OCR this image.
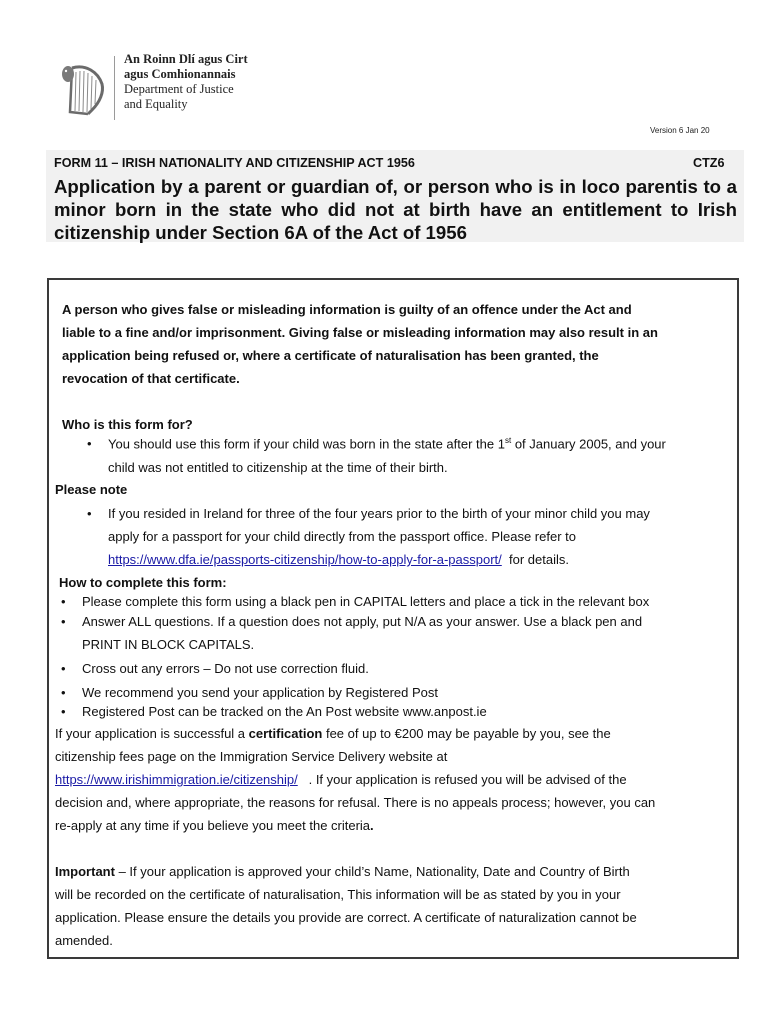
An Roinn Dlí agus Cirt
agus Comhionannais
Department of Justice
and Equality
Version 6 Jan 20
FORM 11 – IRISH NATIONALITY AND CITIZENSHIP ACT 1956	CTZ6
Application by a parent or guardian of, or person who is in loco parentis to a minor born in the state who did not at birth have an entitlement to Irish citizenship under Section 6A of the Act of 1956
A person who gives false or misleading information is guilty of an offence under the Act and
liable to a fine and/or imprisonment. Giving false or misleading information may also result in an
application being refused or, where a certificate of naturalisation has been granted, the
revocation of that certificate.
Who is this form for?
• You should use this form if your child was born in the state after the 1st of January 2005, and your
child was not entitled to citizenship at the time of their birth.
Please note
• If you resided in Ireland for three of the four years prior to the birth of your minor child you may
apply for a passport for your child directly from the passport office. Please refer to
https://www.dfa.ie/passports-citizenship/how-to-apply-for-a-passport/ for details.
How to complete this form:
• Please complete this form using a black pen in CAPITAL letters and place a tick in the relevant box
• Answer ALL questions. If a question does not apply, put N/A as your answer. Use a black pen and
PRINT IN BLOCK CAPITALS.
• Cross out any errors – Do not use correction fluid.
• We recommend you send your application by Registered Post
• Registered Post can be tracked on the An Post website www.anpost.ie
If your application is successful a certification fee of up to €200 may be payable by you, see the
citizenship fees page on the Immigration Service Delivery website at
https://www.irishimmigration.ie/citizenship/ . If your application is refused you will be advised of the
decision and, where appropriate, the reasons for refusal. There is no appeals process; however, you can
re-apply at any time if you believe you meet the criteria.
Important – If your application is approved your child’s Name, Nationality, Date and Country of Birth
will be recorded on the certificate of naturalisation, This information will be as stated by you in your
application. Please ensure the details you provide are correct. A certificate of naturalization cannot be
amended.
